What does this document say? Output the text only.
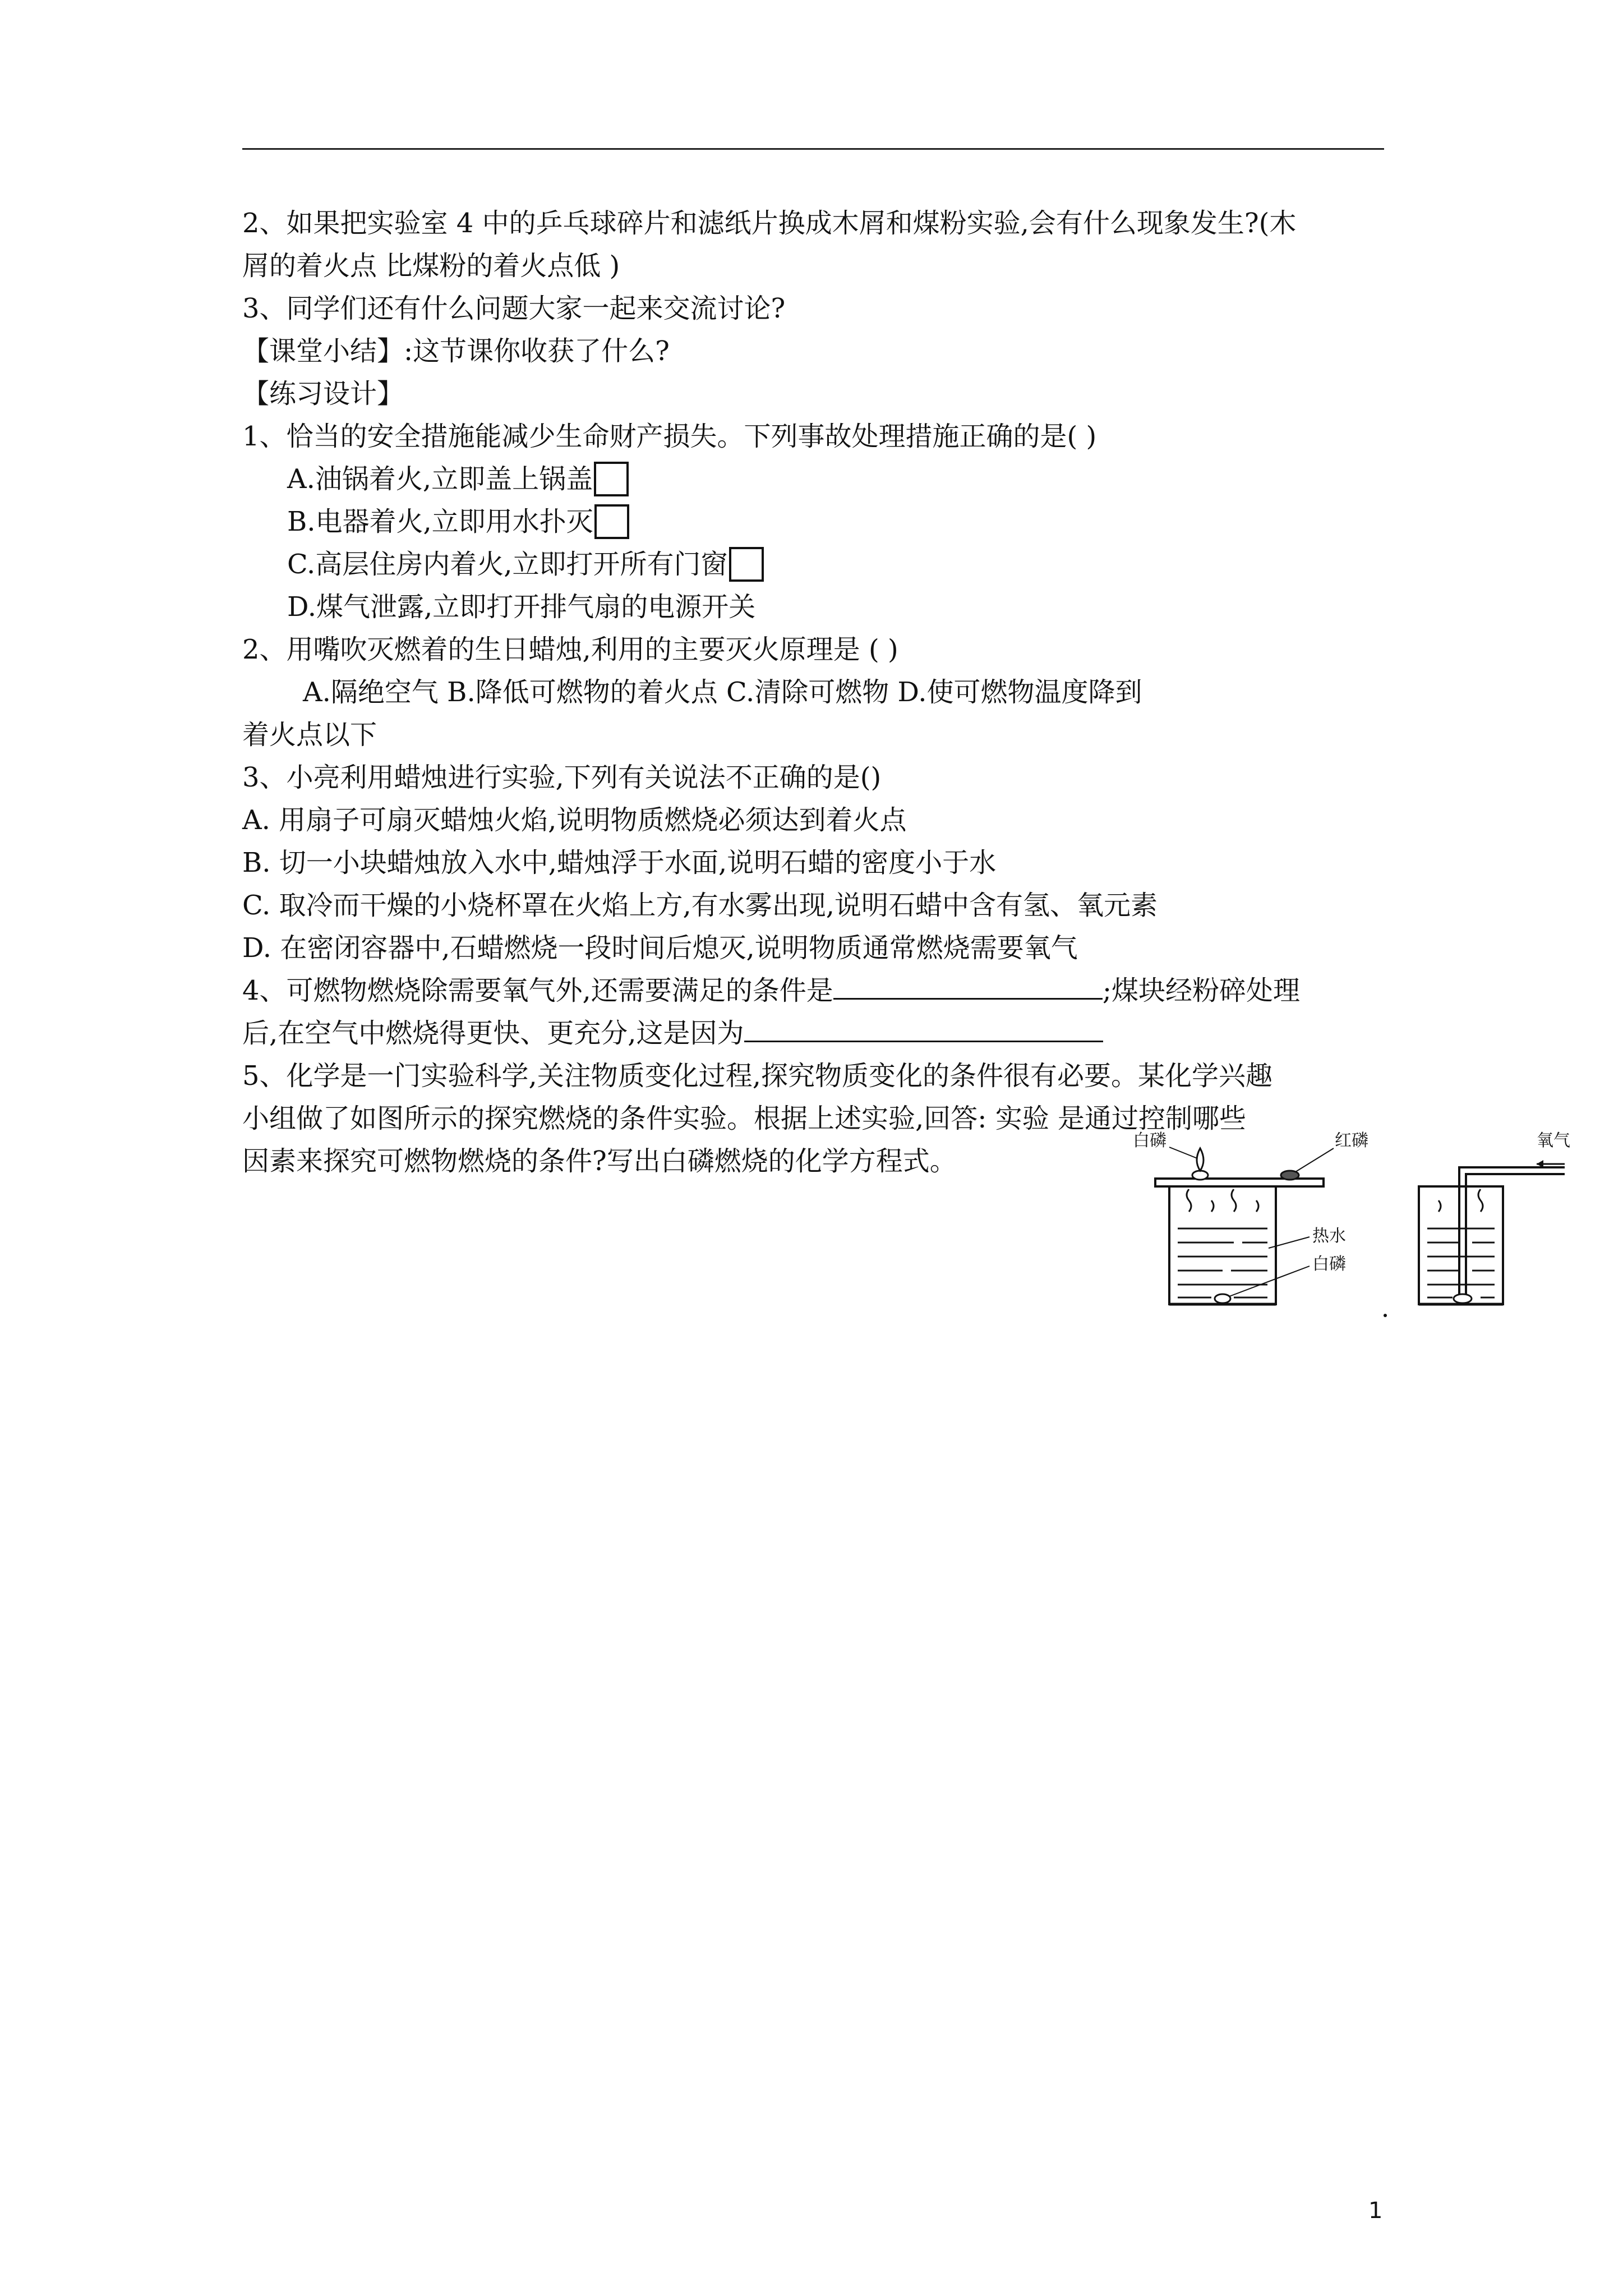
2、如果把实验室 4 中的乒乓球碎片和滤纸片换成木屑和煤粉实验,会有什么现象发生?(木
屑的着火点 比煤粉的着火点低 )
3、同学们还有什么问题大家一起来交流讨论?
【课堂小结】:这节课你收获了什么?
【练习设计】
1、恰当的安全措施能减少生命财产损失。下列事故处理措施正确的是( )
A.油锅着火,立即盖上锅盖
B.电器着火,立即用水扑灭
C.高层住房内着火,立即打开所有门窗
D.煤气泄露,立即打开排气扇的电源开关
2、用嘴吹灭燃着的生日蜡烛,利用的主要灭火原理是 ( )
A.隔绝空气 B.降低可燃物的着火点 C.清除可燃物 D.使可燃物温度降到
着火点以下
3、小亮利用蜡烛进行实验,下列有关说法不正确的是()
A. 用扇子可扇灭蜡烛火焰,说明物质燃烧必须达到着火点
B. 切一小块蜡烛放入水中,蜡烛浮于水面,说明石蜡的密度小于水
C. 取冷而干燥的小烧杯罩在火焰上方,有水雾出现,说明石蜡中含有氢、氧元素
D. 在密闭容器中,石蜡燃烧一段时间后熄灭,说明物质通常燃烧需要氧气
4、可燃物燃烧除需要氧气外,还需要满足的条件是	;煤块经粉碎处理
后,在空气中燃烧得更快、更充分,这是因为
5、化学是一门实验科学,关注物质变化过程,探究物质变化的条件很有必要。某化学兴趣
小组做了如图所示的探究燃烧的条件实验。根据上述实验,回答: 实验 是通过控制哪些
因素来探究可燃物燃烧的条件?写出白磷燃烧的化学方程式。
白磷	红磷
热水
白磷
氧气
1
